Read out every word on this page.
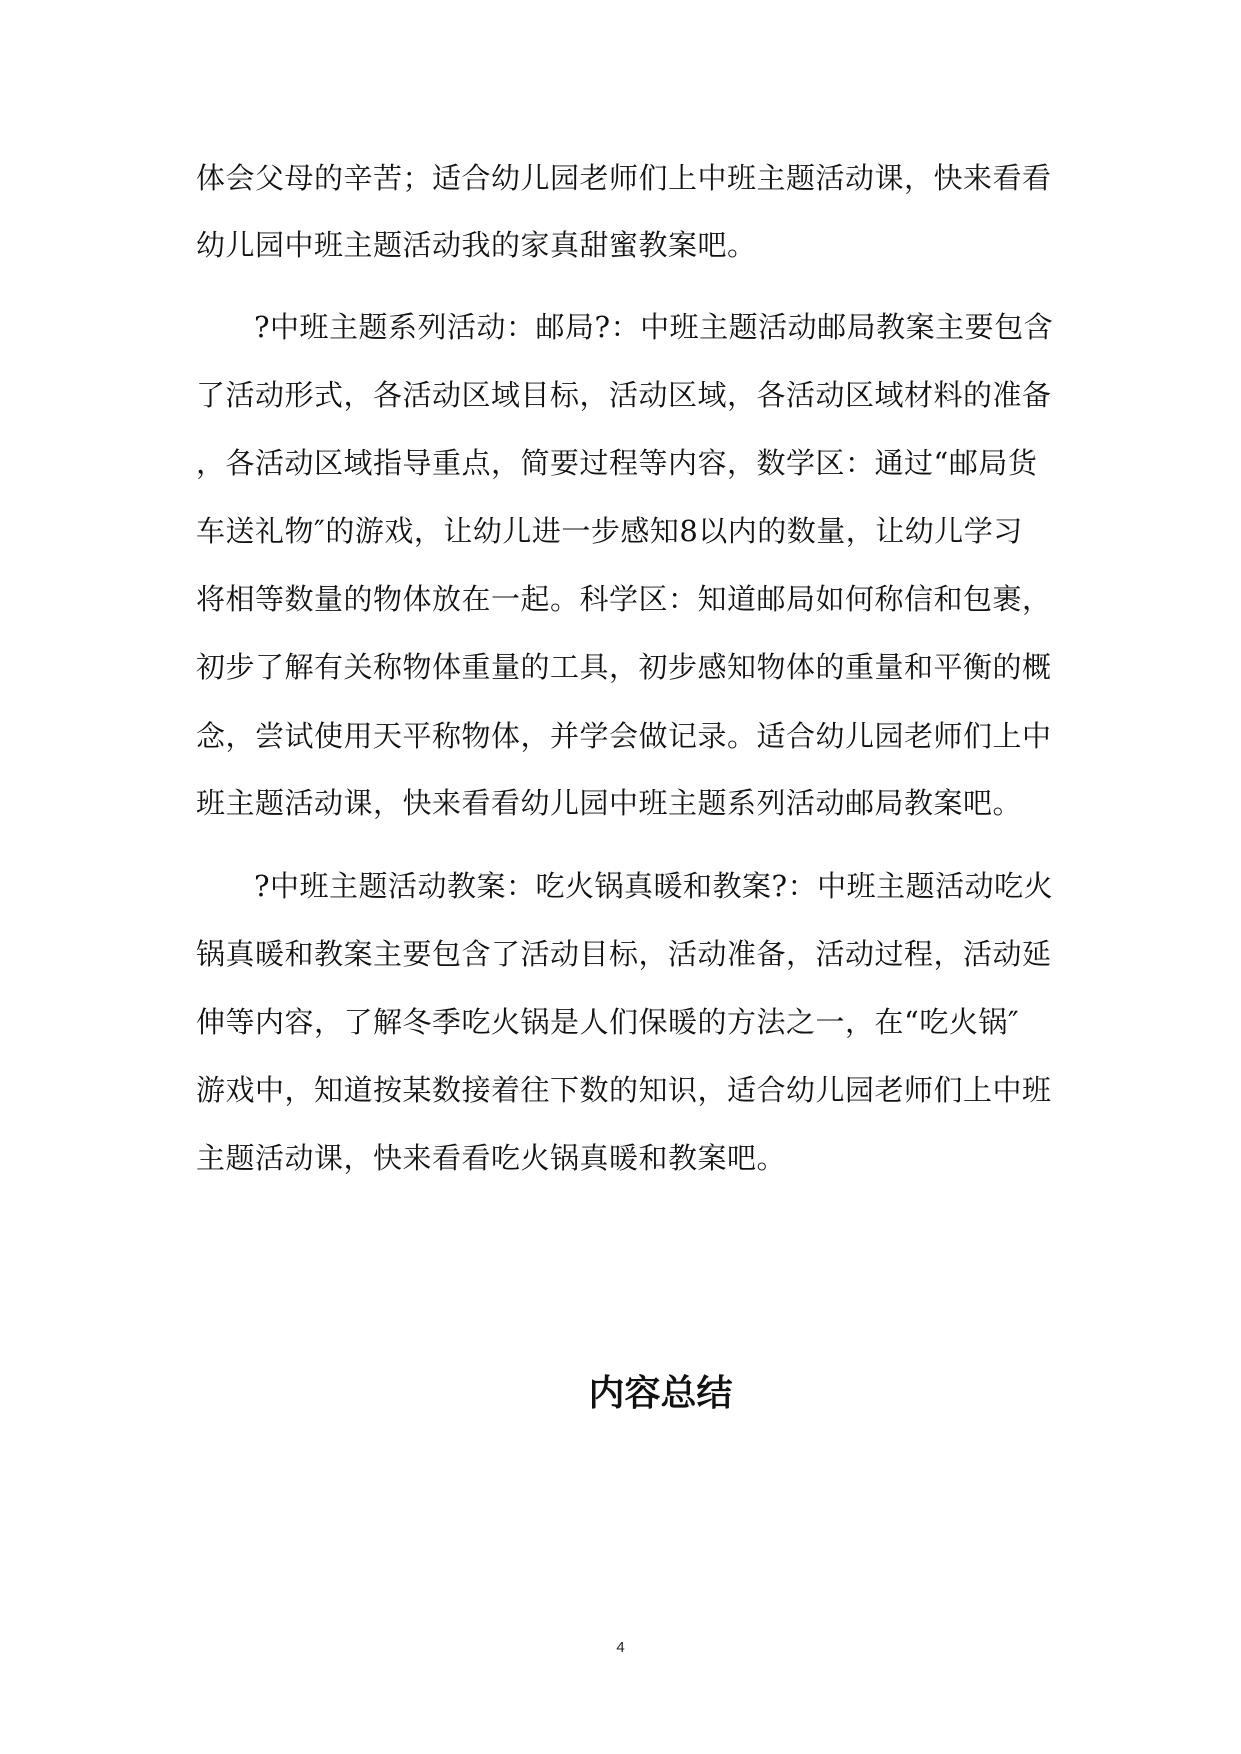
体会父母的辛苦；适合幼儿园老师们上中班主题活动课，快来看看
幼儿园中班主题活动我的家真甜蜜教案吧。
?中班主题系列活动：邮局?：中班主题活动邮局教案主要包含
了活动形式，各活动区域目标，活动区域，各活动区域材料的准备
，各活动区域指导重点，简要过程等内容，数学区：通过“邮局货
车送礼物″的游戏，让幼儿进一步感知8以内的数量，让幼儿学习
将相等数量的物体放在一起。科学区：知道邮局如何称信和包裹，
初步了解有关称物体重量的工具，初步感知物体的重量和平衡的概
念，尝试使用天平称物体，并学会做记录。适合幼儿园老师们上中
班主题活动课，快来看看幼儿园中班主题系列活动邮局教案吧。
?中班主题活动教案：吃火锅真暖和教案?：中班主题活动吃火
锅真暖和教案主要包含了活动目标，活动准备，活动过程，活动延
伸等内容，了解冬季吃火锅是人们保暖的方法之一，在“吃火锅″
游戏中，知道按某数接着往下数的知识，适合幼儿园老师们上中班
主题活动课，快来看看吃火锅真暖和教案吧。
内容总结
4
